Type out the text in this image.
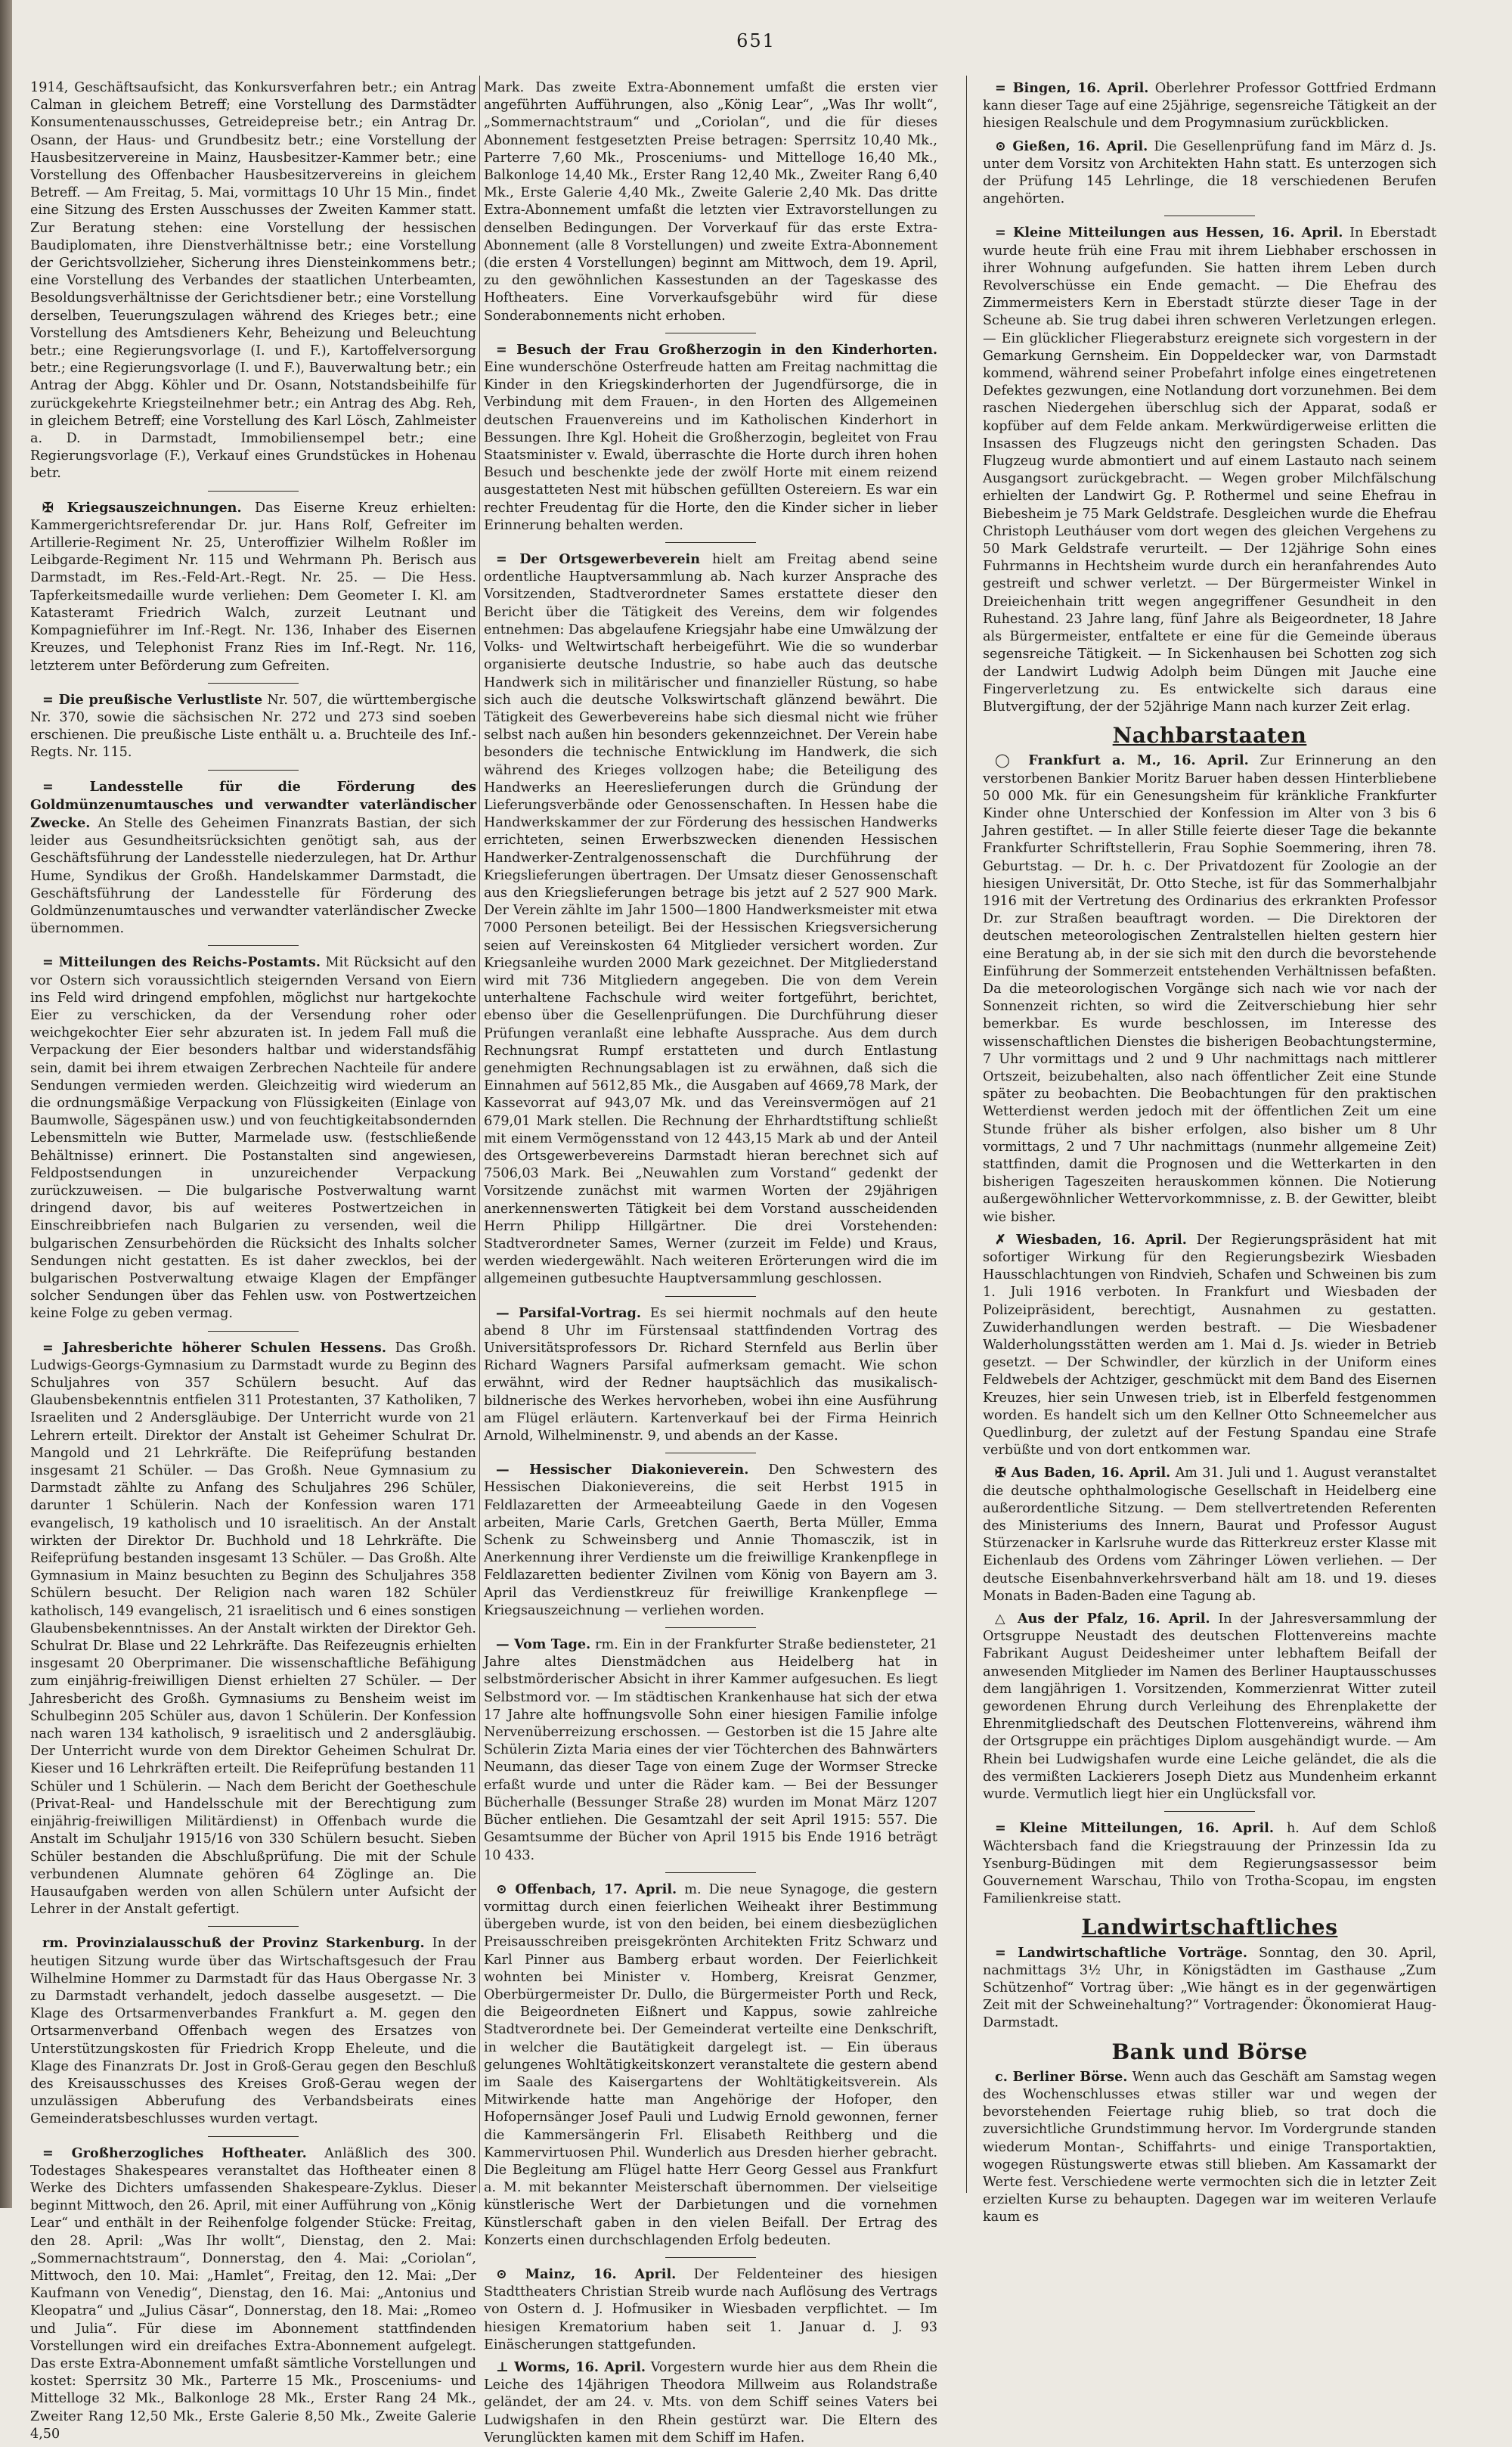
651

1914, Geschäftsaufsicht, das Konkursverfahren betr.; ein Antrag Calman in gleichem Betreff; eine Vorstellung des Darmstädter Konsumentenausschusses, Getreidepreise betr.; ein Antrag Dr. Osann, der Haus- und Grundbesitz betr.; eine Vorstellung der Hausbesitzervereine in Mainz, Hausbesitzer-Kammer betr.; eine Vorstellung des Offenbacher Hausbesitzervereins in gleichem Betreff. — Am Freitag, 5. Mai, vormittags 10 Uhr 15 Min., findet eine Sitzung des Ersten Ausschusses der Zweiten Kammer statt. Zur Beratung stehen: eine Vorstellung der hessischen Baudiplomaten, ihre Dienstverhältnisse betr.; eine Vorstellung der Gerichtsvollzieher, Sicherung ihres Diensteinkommens betr.; eine Vorstellung des Verbandes der staatlichen Unterbeamten, Besoldungsverhältnisse der Gerichtsdiener betr.; eine Vorstellung derselben, Teuerungszulagen während des Krieges betr.; eine Vorstellung des Amtsdieners Kehr, Beheizung und Beleuchtung betr.; eine Regierungsvorlage (I. und F.), Kartoffelversorgung betr.; eine Regierungsvorlage (I. und F.), Bauverwaltung betr.; ein Antrag der Abgg. Köhler und Dr. Osann, Notstandsbeihilfe für zurückgekehrte Kriegsteilnehmer betr.; ein Antrag des Abg. Reh, in gleichem Betreff; eine Vorstellung des Karl Lösch, Zahlmeister a. D. in Darmstadt, Immobiliensempel betr.; eine Regierungsvorlage (F.), Verkauf eines Grundstückes in Hohenau betr.

✠ Kriegsauszeichnungen. Das Eiserne Kreuz erhielten: Kammergerichtsreferendar Dr. jur. Hans Rolf, Gefreiter im Artillerie-Regiment Nr. 25, Unteroffizier Wilhelm Roßler im Leibgarde-Regiment Nr. 115 und Wehrmann Ph. Berisch aus Darmstadt, im Res.-Feld-Art.-Regt. Nr. 25. — Die Hess. Tapferkeitsmedaille wurde verliehen: Dem Geometer I. Kl. am Katasteramt Friedrich Walch, zurzeit Leutnant und Kompagnieführer im Inf.-Regt. Nr. 136, Inhaber des Eisernen Kreuzes, und Telephonist Franz Ries im Inf.-Regt. Nr. 116, letzterem unter Beförderung zum Gefreiten.

= Die preußische Verlustliste Nr. 507, die württembergische Nr. 370, sowie die sächsischen Nr. 272 und 273 sind soeben erschienen. Die preußische Liste enthält u. a. Bruchteile des Inf.-Regts. Nr. 115.

= Landesstelle für die Förderung des Goldmünzenumtausches und verwandter vaterländischer Zwecke. An Stelle des Geheimen Finanzrats Bastian, der sich leider aus Gesundheitsrücksichten genötigt sah, aus der Geschäftsführung der Landesstelle niederzulegen, hat Dr. Arthur Hume, Syndikus der Großh. Handelskammer Darmstadt, die Geschäftsführung der Landesstelle für Förderung des Goldmünzenumtausches und verwandter vaterländischer Zwecke übernommen.

= Mitteilungen des Reichs-Postamts. Mit Rücksicht auf den vor Ostern sich voraussichtlich steigernden Versand von Eiern ins Feld wird dringend empfohlen, möglichst nur hartgekochte Eier zu verschicken, da der Versendung roher oder weichgekochter Eier sehr abzuraten ist. In jedem Fall muß die Verpackung der Eier besonders haltbar und widerstandsfähig sein, damit bei ihrem etwaigen Zerbrechen Nachteile für andere Sendungen vermieden werden. Gleichzeitig wird wiederum an die ordnungsmäßige Verpackung von Flüssigkeiten (Einlage von Baumwolle, Sägespänen usw.) und von feuchtigkeitabsondernden Lebensmitteln wie Butter, Marmelade usw. (festschließende Behältnisse) erinnert. Die Postanstalten sind angewiesen, Feldpostsendungen in unzureichender Verpackung zurückzuweisen. — Die bulgarische Postverwaltung warnt dringend davor, bis auf weiteres Postwertzeichen in Einschreibbriefen nach Bulgarien zu versenden, weil die bulgarischen Zensurbehörden die Rücksicht des Inhalts solcher Sendungen nicht gestatten. Es ist daher zwecklos, bei der bulgarischen Postverwaltung etwaige Klagen der Empfänger solcher Sendungen über das Fehlen usw. von Postwertzeichen keine Folge zu geben vermag.

= Jahresberichte höherer Schulen Hessens. Das Großh. Ludwigs-Georgs-Gymnasium zu Darmstadt wurde zu Beginn des Schuljahres von 357 Schülern besucht. Auf das Glaubensbekenntnis entfielen 311 Protestanten, 37 Katholiken, 7 Israeliten und 2 Andersgläubige. Der Unterricht wurde von 21 Lehrern erteilt. Direktor der Anstalt ist Geheimer Schulrat Dr. Mangold und 21 Lehrkräfte. Die Reifeprüfung bestanden insgesamt 21 Schüler. — Das Großh. Neue Gymnasium zu Darmstadt zählte zu Anfang des Schuljahres 296 Schüler, darunter 1 Schülerin. Nach der Konfession waren 171 evangelisch, 19 katholisch und 10 israelitisch. An der Anstalt wirkten der Direktor Dr. Buchhold und 18 Lehrkräfte. Die Reifeprüfung bestanden insgesamt 13 Schüler. — Das Großh. Alte Gymnasium in Mainz besuchten zu Beginn des Schuljahres 358 Schülern besucht. Der Religion nach waren 182 Schüler katholisch, 149 evangelisch, 21 israelitisch und 6 eines sonstigen Glaubensbekenntnisses. An der Anstalt wirkten der Direktor Geh. Schulrat Dr. Blase und 22 Lehrkräfte. Das Reifezeugnis erhielten insgesamt 20 Oberprimaner. Die wissenschaftliche Befähigung zum einjährig-freiwilligen Dienst erhielten 27 Schüler. — Der Jahresbericht des Großh. Gymnasiums zu Bensheim weist im Schulbeginn 205 Schüler aus, davon 1 Schülerin. Der Konfession nach waren 134 katholisch, 9 israelitisch und 2 andersgläubig. Der Unterricht wurde von dem Direktor Geheimen Schulrat Dr. Kieser und 16 Lehrkräften erteilt. Die Reifeprüfung bestanden 11 Schüler und 1 Schülerin. — Nach dem Bericht der Goetheschule (Privat-Real- und Handelsschule mit der Berechtigung zum einjährig-freiwilligen Militärdienst) in Offenbach wurde die Anstalt im Schuljahr 1915/16 von 330 Schülern besucht. Sieben Schüler bestanden die Abschlußprüfung. Die mit der Schule verbundenen Alumnate gehören 64 Zöglinge an. Die Hausaufgaben werden von allen Schülern unter Aufsicht der Lehrer in der Anstalt gefertigt.

rm. Provinzialausschuß der Provinz Starkenburg. In der heutigen Sitzung wurde über das Wirtschaftsgesuch der Frau Wilhelmine Hommer zu Darmstadt für das Haus Obergasse Nr. 3 zu Darmstadt verhandelt, jedoch dasselbe ausgesetzt. — Die Klage des Ortsarmenverbandes Frankfurt a. M. gegen den Ortsarmenverband Offenbach wegen des Ersatzes von Unterstützungskosten für Friedrich Kropp Eheleute, und die Klage des Finanzrats Dr. Jost in Groß-Gerau gegen den Beschluß des Kreisausschusses des Kreises Groß-Gerau wegen der unzulässigen Abberufung des Verbandsbeirats eines Gemeinderatsbeschlusses wurden vertagt.

= Großherzogliches Hoftheater. Anläßlich des 300. Todestages Shakespeares veranstaltet das Hoftheater einen 8 Werke des Dichters umfassenden Shakespeare-Zyklus. Dieser beginnt Mittwoch, den 26. April, mit einer Aufführung von „König Lear“ und enthält in der Reihenfolge folgender Stücke: Freitag, den 28. April: „Was Ihr wollt“, Dienstag, den 2. Mai: „Sommernachtstraum“, Donnerstag, den 4. Mai: „Coriolan“, Mittwoch, den 10. Mai: „Hamlet“, Freitag, den 12. Mai: „Der Kaufmann von Venedig“, Dienstag, den 16. Mai: „Antonius und Kleopatra“ und „Julius Cäsar“, Donnerstag, den 18. Mai: „Romeo und Julia“. Für diese im Abonnement stattfindenden Vorstellungen wird ein dreifaches Extra-Abonnement aufgelegt. Das erste Extra-Abonnement umfaßt sämtliche Vorstellungen und kostet: Sperrsitz 30 Mk., Parterre 15 Mk., Prosceniums- und Mittelloge 32 Mk., Balkonloge 28 Mk., Erster Rang 24 Mk., Zweiter Rang 12,50 Mk., Erste Galerie 8,50 Mk., Zweite Galerie 4,50

Mark. Das zweite Extra-Abonnement umfaßt die ersten vier angeführten Aufführungen, also „König Lear“, „Was Ihr wollt“, „Sommernachtstraum“ und „Coriolan“, und die für dieses Abonnement festgesetzten Preise betragen: Sperrsitz 10,40 Mk., Parterre 7,60 Mk., Prosceniums- und Mittelloge 16,40 Mk., Balkonloge 14,40 Mk., Erster Rang 12,40 Mk., Zweiter Rang 6,40 Mk., Erste Galerie 4,40 Mk., Zweite Galerie 2,40 Mk. Das dritte Extra-Abonnement umfaßt die letzten vier Extravorstellungen zu denselben Bedingungen. Der Vorverkauf für das erste Extra-Abonnement (alle 8 Vorstellungen) und zweite Extra-Abonnement (die ersten 4 Vorstellungen) beginnt am Mittwoch, dem 19. April, zu den gewöhnlichen Kassestunden an der Tageskasse des Hoftheaters. Eine Vorverkaufsgebühr wird für diese Sonderabonnements nicht erhoben.

= Besuch der Frau Großherzogin in den Kinderhorten. Eine wunderschöne Osterfreude hatten am Freitag nachmittag die Kinder in den Kriegskinderhorten der Jugendfürsorge, die in Verbindung mit dem Frauen-, in den Horten des Allgemeinen deutschen Frauenvereins und im Katholischen Kinderhort in Bessungen. Ihre Kgl. Hoheit die Großherzogin, begleitet von Frau Staatsminister v. Ewald, überraschte die Horte durch ihren hohen Besuch und beschenkte jede der zwölf Horte mit einem reizend ausgestatteten Nest mit hübschen gefüllten Ostereiern. Es war ein rechter Freudentag für die Horte, den die Kinder sicher in lieber Erinnerung behalten werden.

= Der Ortsgewerbeverein hielt am Freitag abend seine ordentliche Hauptversammlung ab. Nach kurzer Ansprache des Vorsitzenden, Stadtverordneter Sames erstattete dieser den Bericht über die Tätigkeit des Vereins, dem wir folgendes entnehmen: Das abgelaufene Kriegsjahr habe eine Umwälzung der Volks- und Weltwirtschaft herbeigeführt. Wie die so wunderbar organisierte deutsche Industrie, so habe auch das deutsche Handwerk sich in militärischer und finanzieller Rüstung, so habe sich auch die deutsche Volkswirtschaft glänzend bewährt. Die Tätigkeit des Gewerbevereins habe sich diesmal nicht wie früher selbst nach außen hin besonders gekennzeichnet. Der Verein habe besonders die technische Entwicklung im Handwerk, die sich während des Krieges vollzogen habe; die Beteiligung des Handwerks an Heereslieferungen durch die Gründung der Lieferungsverbände oder Genossenschaften. In Hessen habe die Handwerkskammer der zur Förderung des hessischen Handwerks errichteten, seinen Erwerbszwecken dienenden Hessischen Handwerker-Zentralgenossenschaft die Durchführung der Kriegslieferungen übertragen. Der Umsatz dieser Genossenschaft aus den Kriegslieferungen betrage bis jetzt auf 2 527 900 Mark. Der Verein zählte im Jahr 1500—1800 Handwerksmeister mit etwa 7000 Personen beteiligt. Bei der Hessischen Kriegsversicherung seien auf Vereinskosten 64 Mitglieder versichert worden. Zur Kriegsanleihe wurden 2000 Mark gezeichnet. Der Mitgliederstand wird mit 736 Mitgliedern angegeben. Die von dem Verein unterhaltene Fachschule wird weiter fortgeführt, berichtet, ebenso über die Gesellenprüfungen. Die Durchführung dieser Prüfungen veranlaßt eine lebhafte Aussprache. Aus dem durch Rechnungsrat Rumpf erstatteten und durch Entlastung genehmigten Rechnungsablagen ist zu erwähnen, daß sich die Einnahmen auf 5612,85 Mk., die Ausgaben auf 4669,78 Mark, der Kassevorrat auf 943,07 Mk. und das Vereinsvermögen auf 21 679,01 Mark stellen. Die Rechnung der Ehrhardtstiftung schließt mit einem Vermögensstand von 12 443,15 Mark ab und der Anteil des Ortsgewerbevereins Darmstadt hieran berechnet sich auf 7506,03 Mark. Bei „Neuwahlen zum Vorstand“ gedenkt der Vorsitzende zunächst mit warmen Worten der 29jährigen anerkennenswerten Tätigkeit bei dem Vorstand ausscheidenden Herrn Philipp Hillgärtner. Die drei Vorstehenden: Stadtverordneter Sames, Werner (zurzeit im Felde) und Kraus, werden wiedergewählt. Nach weiteren Erörterungen wird die im allgemeinen gutbesuchte Hauptversammlung geschlossen.

— Parsifal-Vortrag. Es sei hiermit nochmals auf den heute abend 8 Uhr im Fürstensaal stattfindenden Vortrag des Universitätsprofessors Dr. Richard Sternfeld aus Berlin über Richard Wagners Parsifal aufmerksam gemacht. Wie schon erwähnt, wird der Redner hauptsächlich das musikalisch-bildnerische des Werkes hervorheben, wobei ihn eine Ausführung am Flügel erläutern. Kartenverkauf bei der Firma Heinrich Arnold, Wilhelminenstr. 9, und abends an der Kasse.

— Hessischer Diakonieverein. Den Schwestern des Hessischen Diakonievereins, die seit Herbst 1915 in Feldlazaretten der Armeeabteilung Gaede in den Vogesen arbeiten, Marie Carls, Gretchen Gaerth, Berta Müller, Emma Schenk zu Schweinsberg und Annie Thomasczik, ist in Anerkennung ihrer Verdienste um die freiwillige Krankenpflege in Feldlazaretten bedienter Zivilnen vom König von Bayern am 3. April das Verdienstkreuz für freiwillige Krankenpflege — Kriegsauszeichnung — verliehen worden.

— Vom Tage. rm. Ein in der Frankfurter Straße bediensteter, 21 Jahre altes Dienstmädchen aus Heidelberg hat in selbstmörderischer Absicht in ihrer Kammer aufgesuchen. Es liegt Selbstmord vor. — Im städtischen Krankenhause hat sich der etwa 17 Jahre alte hoffnungsvolle Sohn einer hiesigen Familie infolge Nervenüberreizung erschossen. — Gestorben ist die 15 Jahre alte Schülerin Zizta Maria eines der vier Töchterchen des Bahnwärters Neumann, das dieser Tage von einem Zuge der Wormser Strecke erfaßt wurde und unter die Räder kam. — Bei der Bessunger Bücherhalle (Bessunger Straße 28) wurden im Monat März 1207 Bücher entliehen. Die Gesamtzahl der seit April 1915: 557. Die Gesamtsumme der Bücher von April 1915 bis Ende 1916 beträgt 10 433.

⊙ Offenbach, 17. April. m. Die neue Synagoge, die gestern vormittag durch einen feierlichen Weiheakt ihrer Bestimmung übergeben wurde, ist von den beiden, bei einem diesbezüglichen Preisausschreiben preisgekrönten Architekten Fritz Schwarz und Karl Pinner aus Bamberg erbaut worden. Der Feierlichkeit wohnten bei Minister v. Homberg, Kreisrat Genzmer, Oberbürgermeister Dr. Dullo, die Bürgermeister Porth und Reck, die Beigeordneten Eißnert und Kappus, sowie zahlreiche Stadtverordnete bei. Der Gemeinderat verteilte eine Denkschrift, in welcher die Bautätigkeit dargelegt ist. — Ein überaus gelungenes Wohltätigkeitskonzert veranstaltete die gestern abend im Saale des Kaisergartens der Wohltätigkeitsverein. Als Mitwirkende hatte man Angehörige der Hofoper, den Hofopernsänger Josef Pauli und Ludwig Ernold gewonnen, ferner die Kammersängerin Frl. Elisabeth Reithberg und die Kammervirtuosen Phil. Wunderlich aus Dresden hierher gebracht. Die Begleitung am Flügel hatte Herr Georg Gessel aus Frankfurt a. M. mit bekannter Meisterschaft übernommen. Der vielseitige künstlerische Wert der Darbietungen und die vornehmen Künstlerschaft gaben in den vielen Beifall. Der Ertrag des Konzerts einen durchschlagenden Erfolg bedeuten.

⊙ Mainz, 16. April. Der Feldenteiner des hiesigen Stadttheaters Christian Streib wurde nach Auflösung des Vertrags von Ostern d. J. Hofmusiker in Wiesbaden verpflichtet. — Im hiesigen Krematorium haben seit 1. Januar d. J. 93 Einäscherungen stattgefunden.

⊥ Worms, 16. April. Vorgestern wurde hier aus dem Rhein die Leiche des 14jährigen Theodora Millweim aus Rolandstraße geländet, der am 24. v. Mts. von dem Schiff seines Vaters bei Ludwigshafen in den Rhein gestürzt war. Die Eltern des Verunglückten kamen mit dem Schiff im Hafen.

= Bingen, 16. April. Oberlehrer Professor Gottfried Erdmann kann dieser Tage auf eine 25jährige, segensreiche Tätigkeit an der hiesigen Realschule und dem Progymnasium zurückblicken.

⊙ Gießen, 16. April. Die Gesellenprüfung fand im März d. Js. unter dem Vorsitz von Architekten Hahn statt. Es unterzogen sich der Prüfung 145 Lehrlinge, die 18 verschiedenen Berufen angehörten.

= Kleine Mitteilungen aus Hessen, 16. April. In Eberstadt wurde heute früh eine Frau mit ihrem Liebhaber erschossen in ihrer Wohnung aufgefunden. Sie hatten ihrem Leben durch Revolverschüsse ein Ende gemacht. — Die Ehefrau des Zimmermeisters Kern in Eberstadt stürzte dieser Tage in der Scheune ab. Sie trug dabei ihren schweren Verletzungen erlegen. — Ein glücklicher Fliegerabsturz ereignete sich vorgestern in der Gemarkung Gernsheim. Ein Doppeldecker war, von Darmstadt kommend, während seiner Probefahrt infolge eines eingetretenen Defektes gezwungen, eine Notlandung dort vorzunehmen. Bei dem raschen Niedergehen überschlug sich der Apparat, sodaß er kopfüber auf dem Felde ankam. Merkwürdigerweise erlitten die Insassen des Flugzeugs nicht den geringsten Schaden. Das Flugzeug wurde abmontiert und auf einem Lastauto nach seinem Ausgangsort zurückgebracht. — Wegen grober Milchfälschung erhielten der Landwirt Gg. P. Rothermel und seine Ehefrau in Biebesheim je 75 Mark Geldstrafe. Desgleichen wurde die Ehefrau Christoph Leutháuser vom dort wegen des gleichen Vergehens zu 50 Mark Geldstrafe verurteilt. — Der 12jährige Sohn eines Fuhrmanns in Hechtsheim wurde durch ein heranfahrendes Auto gestreift und schwer verletzt. — Der Bürgermeister Winkel in Dreieichenhain tritt wegen angegriffener Gesundheit in den Ruhestand. 23 Jahre lang, fünf Jahre als Beigeordneter, 18 Jahre als Bürgermeister, entfaltete er eine für die Gemeinde überaus segensreiche Tätigkeit. — In Sickenhausen bei Schotten zog sich der Landwirt Ludwig Adolph beim Düngen mit Jauche eine Fingerverletzung zu. Es entwickelte sich daraus eine Blutvergiftung, der der 52jährige Mann nach kurzer Zeit erlag.

Nachbarstaaten

◯ Frankfurt a. M., 16. April. Zur Erinnerung an den verstorbenen Bankier Moritz Baruer haben dessen Hinterbliebene 50 000 Mk. für ein Genesungsheim für kränkliche Frankfurter Kinder ohne Unterschied der Konfession im Alter von 3 bis 6 Jahren gestiftet. — In aller Stille feierte dieser Tage die bekannte Frankfurter Schriftstellerin, Frau Sophie Soemmering, ihren 78. Geburtstag. — Dr. h. c. Der Privatdozent für Zoologie an der hiesigen Universität, Dr. Otto Steche, ist für das Sommerhalbjahr 1916 mit der Vertretung des Ordinarius des erkrankten Professor Dr. zur Straßen beauftragt worden. — Die Direktoren der deutschen meteorologischen Zentralstellen hielten gestern hier eine Beratung ab, in der sie sich mit den durch die bevorstehende Einführung der Sommerzeit entstehenden Verhältnissen befaßten. Da die meteorologischen Vorgänge sich nach wie vor nach der Sonnenzeit richten, so wird die Zeitverschiebung hier sehr bemerkbar. Es wurde beschlossen, im Interesse des wissenschaftlichen Dienstes die bisherigen Beobachtungstermine, 7 Uhr vormittags und 2 und 9 Uhr nachmittags nach mittlerer Ortszeit, beizubehalten, also nach öffentlicher Zeit eine Stunde später zu beobachten. Die Beobachtungen für den praktischen Wetterdienst werden jedoch mit der öffentlichen Zeit um eine Stunde früher als bisher erfolgen, also bisher um 8 Uhr vormittags, 2 und 7 Uhr nachmittags (nunmehr allgemeine Zeit) stattfinden, damit die Prognosen und die Wetterkarten in den bisherigen Tageszeiten herauskommen können. Die Notierung außergewöhnlicher Wettervorkommnisse, z. B. der Gewitter, bleibt wie bisher.

✗ Wiesbaden, 16. April. Der Regierungspräsident hat mit sofortiger Wirkung für den Regierungsbezirk Wiesbaden Hausschlachtungen von Rindvieh, Schafen und Schweinen bis zum 1. Juli 1916 verboten. In Frankfurt und Wiesbaden der Polizeipräsident, berechtigt, Ausnahmen zu gestatten. Zuwiderhandlungen werden bestraft. — Die Wiesbadener Walderholungsstätten werden am 1. Mai d. Js. wieder in Betrieb gesetzt. — Der Schwindler, der kürzlich in der Uniform eines Feldwebels der Achtziger, geschmückt mit dem Band des Eisernen Kreuzes, hier sein Unwesen trieb, ist in Elberfeld festgenommen worden. Es handelt sich um den Kellner Otto Schneemelcher aus Quedlinburg, der zuletzt auf der Festung Spandau eine Strafe verbüßte und von dort entkommen war.

✠ Aus Baden, 16. April. Am 31. Juli und 1. August veranstaltet die deutsche ophthalmologische Gesellschaft in Heidelberg eine außerordentliche Sitzung. — Dem stellvertretenden Referenten des Ministeriums des Innern, Baurat und Professor August Stürzenacker in Karlsruhe wurde das Ritterkreuz erster Klasse mit Eichenlaub des Ordens vom Zähringer Löwen verliehen. — Der deutsche Eisenbahnverkehrsverband hält am 18. und 19. dieses Monats in Baden-Baden eine Tagung ab.

△ Aus der Pfalz, 16. April. In der Jahresversammlung der Ortsgruppe Neustadt des deutschen Flottenvereins machte Fabrikant August Deidesheimer unter lebhaftem Beifall der anwesenden Mitglieder im Namen des Berliner Hauptausschusses dem langjährigen 1. Vorsitzenden, Kommerzienrat Witter zuteil gewordenen Ehrung durch Verleihung des Ehrenplakette der Ehrenmitgliedschaft des Deutschen Flottenvereins, während ihm der Ortsgruppe ein prächtiges Diplom ausgehändigt wurde. — Am Rhein bei Ludwigshafen wurde eine Leiche geländet, die als die des vermißten Lackierers Joseph Dietz aus Mundenheim erkannt wurde. Vermutlich liegt hier ein Unglücksfall vor.

= Kleine Mitteilungen, 16. April. h. Auf dem Schloß Wächtersbach fand die Kriegstrauung der Prinzessin Ida zu Ysenburg-Büdingen mit dem Regierungsassessor beim Gouvernement Warschau, Thilo von Trotha-Scopau, im engsten Familienkreise statt.

Landwirtschaftliches

= Landwirtschaftliche Vorträge. Sonntag, den 30. April, nachmittags 3½ Uhr, in Königstädten im Gasthause „Zum Schützenhof“ Vortrag über: „Wie hängt es in der gegenwärtigen Zeit mit der Schweinehaltung?“ Vortragender: Ökonomierat Haug-Darmstadt.

Bank und Börse

c. Berliner Börse. Wenn auch das Geschäft am Samstag wegen des Wochenschlusses etwas stiller war und wegen der bevorstehenden Feiertage ruhig blieb, so trat doch die zuversichtliche Grundstimmung hervor. Im Vordergrunde standen wiederum Montan-, Schiffahrts- und einige Transportaktien, wogegen Rüstungswerte etwas still blieben. Am Kassamarkt der Werte fest. Verschiedene werte vermochten sich die in letzter Zeit erzielten Kurse zu behaupten. Dagegen war im weiteren Verlaufe kaum es
